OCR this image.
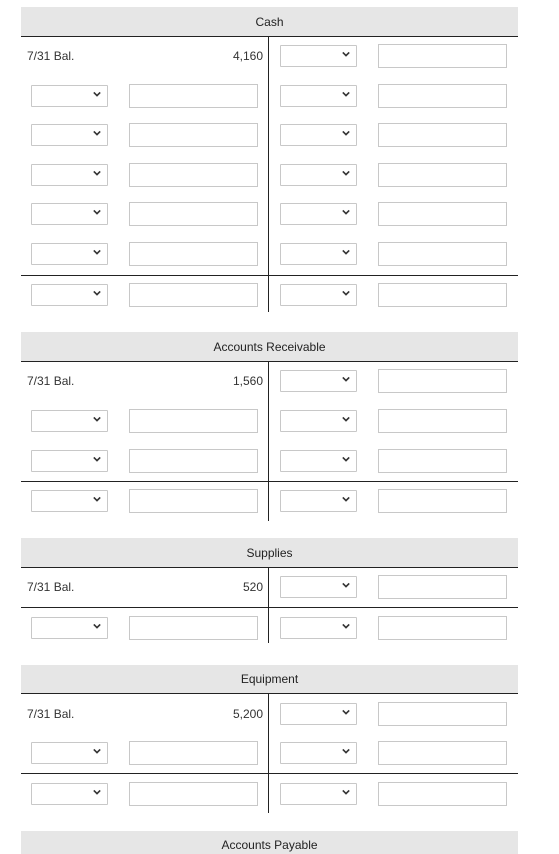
Cash
7/31 Bal.	4,160
Accounts Receivable
7/31 Bal.	1,560
Supplies
7/31 Bal.	520
Equipment
7/31 Bal.	5,200
Accounts Payable
